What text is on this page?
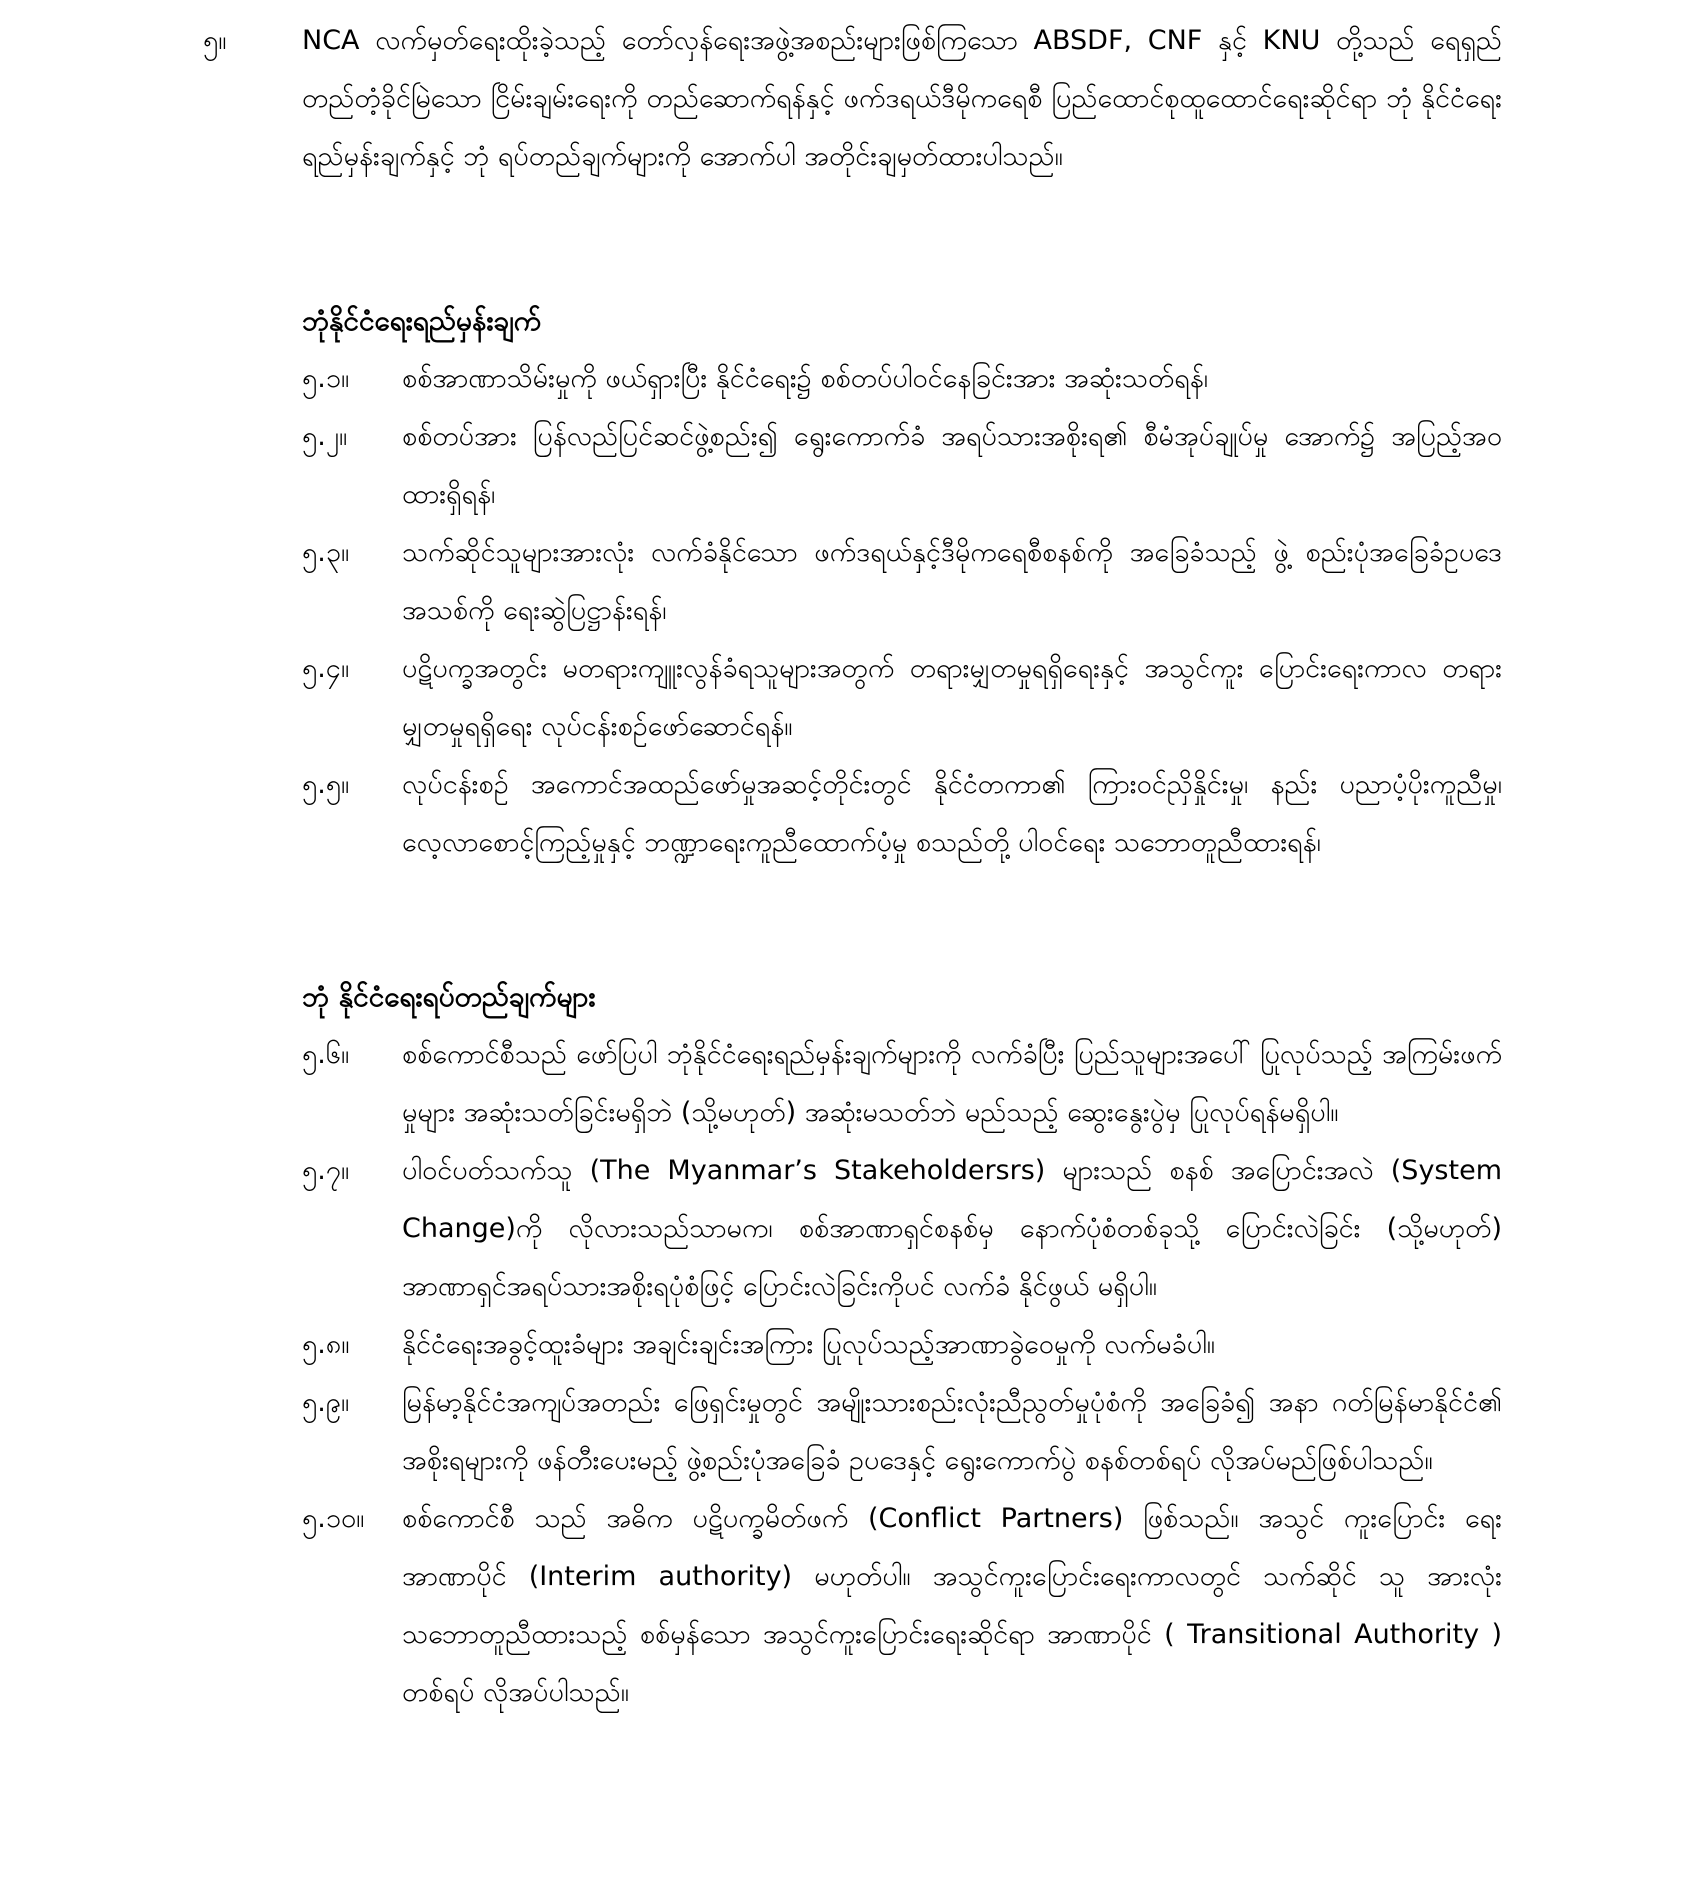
၅။	NCA လက်မှတ်ရေးထိုးခဲ့သည့် တော်လှန်ရေးအဖွဲ့အစည်းများဖြစ်ကြသော ABSDF, CNF နှင့် KNU တို့သည် ရေရှည်တည်တံ့ခိုင်မြဲသော ငြိမ်းချမ်းရေးကို တည်ဆောက်ရန်နှင့် ဖက်ဒရယ်ဒီမိုကရေစီ ပြည်ထောင်စုထူထောင်ရေးဆိုင်ရာ ဘုံ နိုင်ငံရေးရည်မှန်းချက်နှင့် ဘုံ ရပ်တည်ချက်များကို အောက်ပါ အတိုင်းချမှတ်ထားပါသည်။

ဘုံနိုင်ငံရေးရည်မှန်းချက်
၅.၁။	စစ်အာဏာသိမ်းမှုကို ဖယ်ရှားပြီး နိုင်ငံရေး၌ စစ်တပ်ပါဝင်နေခြင်းအား အဆုံးသတ်ရန်၊
၅.၂။	စစ်တပ်အား ပြန်လည်ပြင်ဆင်ဖွဲ့စည်း၍ ရွေးကောက်ခံ အရပ်သားအစိုးရ၏ စီမံအုပ်ချုပ်မှု အောက်၌ အပြည့်အဝ ထားရှိရန်၊
၅.၃။	သက်ဆိုင်သူများအားလုံး လက်ခံနိုင်သော ဖက်ဒရယ်နှင့်ဒီမိုကရေစီစနစ်ကို အခြေခံသည့် ဖွဲ့ စည်းပုံအခြေခံဥပဒေအသစ်ကို ရေးဆွဲပြဋ္ဌာန်းရန်၊
၅.၄။	ပဋိပက္ခအတွင်း မတရားကျူးလွန်ခံရသူများအတွက် တရားမျှတမှုရရှိရေးနှင့် အသွင်ကူး ပြောင်းရေးကာလ တရားမျှတမှုရရှိရေး လုပ်ငန်းစဉ်ဖော်ဆောင်ရန်။
၅.၅။	လုပ်ငန်းစဉ် အကောင်အထည်ဖော်မှုအဆင့်တိုင်းတွင် နိုင်ငံတကာ၏ ကြားဝင်ညှိနှိုင်းမှု၊ နည်း ပညာပံ့ပိုးကူညီမှု၊ လေ့လာစောင့်ကြည့်မှုနှင့် ဘဏ္ဍာရေးကူညီထောက်ပံ့မှု စသည်တို့ ပါဝင်ရေး သဘောတူညီထားရန်၊
ဘုံ နိုင်ငံရေးရပ်တည်ချက်များ
၅.၆။	စစ်ကောင်စီသည် ဖော်ပြပါ ဘုံနိုင်ငံရေးရည်မှန်းချက်များကို လက်ခံပြီး ပြည်သူများအပေါ် ပြုလုပ်သည့် အကြမ်းဖက်မှုများ အဆုံးသတ်ခြင်းမရှိဘဲ (သို့မဟုတ်) အဆုံးမသတ်ဘဲ မည်သည့် ဆွေးနွေးပွဲမှ ပြုလုပ်ရန်မရှိပါ။
၅.၇။	ပါဝင်ပတ်သက်သူ (The Myanmar’s Stakeholdersrs) များသည် စနစ် အပြောင်းအလဲ (System Change)ကို လိုလားသည်သာမက၊ စစ်အာဏာရှင်စနစ်မှ နောက်ပုံစံတစ်ခုသို့ ပြောင်းလဲခြင်း (သို့မဟုတ်) အာဏာရှင်အရပ်သားအစိုးရပုံစံဖြင့် ပြောင်းလဲခြင်းကိုပင် လက်ခံ နိုင်ဖွယ် မရှိပါ။
၅.၈။	နိုင်ငံရေးအခွင့်ထူးခံများ အချင်းချင်းအကြား ပြုလုပ်သည့်အာဏာခွဲဝေမှုကို လက်မခံပါ။
၅.၉။	မြန်မာ့နိုင်ငံအကျပ်အတည်း ဖြေရှင်းမှုတွင် အမျိုးသားစည်းလုံးညီညွတ်မှုပုံစံကို အခြေခံ၍ အနာ ဂတ်မြန်မာနိုင်ငံ၏ အစိုးရများကို ဖန်တီးပေးမည့် ဖွဲ့စည်းပုံအခြေခံ ဥပဒေနှင့် ရွေးကောက်ပွဲ စနစ်တစ်ရပ် လိုအပ်မည်ဖြစ်ပါသည်။
၅.၁၀။	စစ်ကောင်စီ သည် အဓိက ပဋိပက္ခမိတ်ဖက် (Conflict Partners) ဖြစ်သည်။ အသွင် ကူးပြောင်း ရေးအာဏာပိုင် (Interim authority) မဟုတ်ပါ။ အသွင်ကူးပြောင်းရေးကာလတွင် သက်ဆိုင် သူ အားလုံး သဘောတူညီထားသည့် စစ်မှန်သော အသွင်ကူးပြောင်းရေးဆိုင်ရာ အာဏာပိုင် ( Transitional Authority ) တစ်ရပ် လိုအပ်ပါသည်။
